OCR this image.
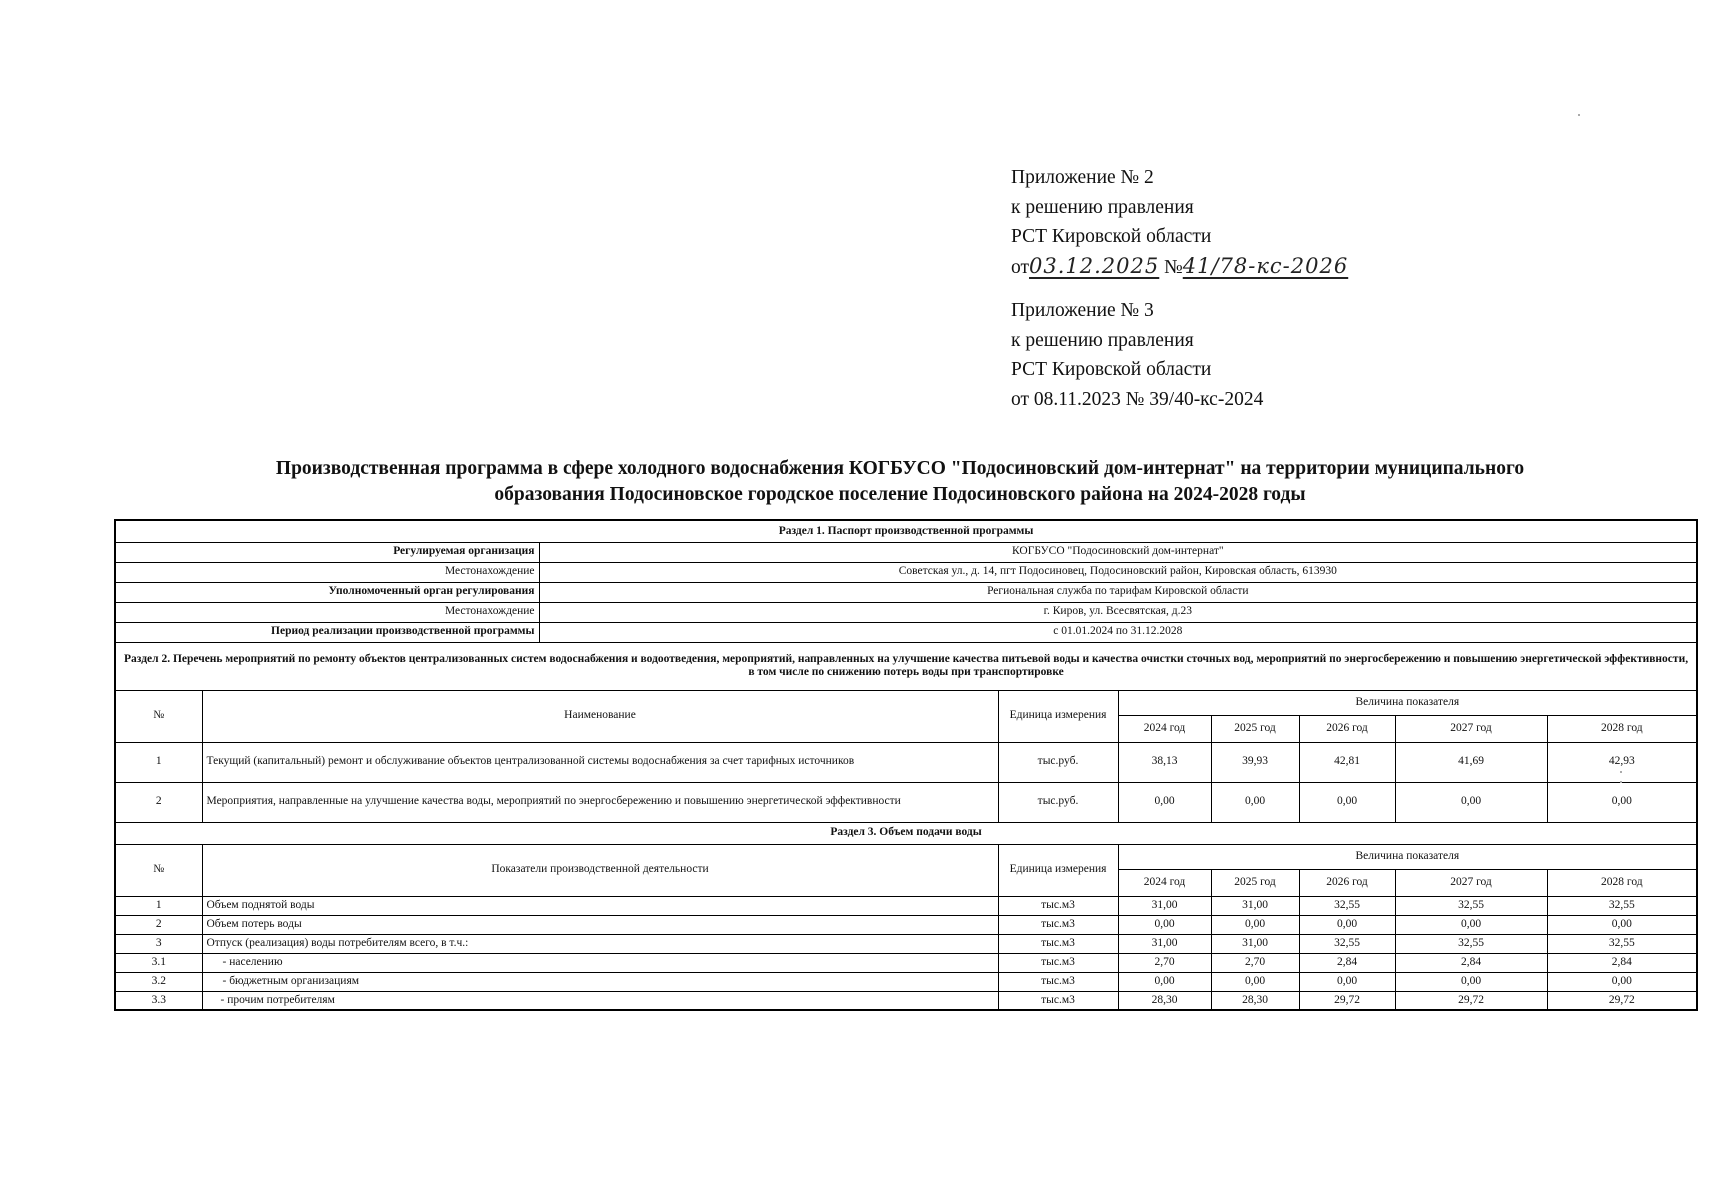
Приложение № 2
к решению правления
РСТ Кировской области
от03.12.2025 №41/78-кс-2026
Приложение № 3
к решению правления
РСТ Кировской области
от 08.11.2023 № 39/40-кс-2024
Производственная программа в сфере холодного водоснабжения КОГБУСО "Подосиновский дом-интернат" на территории муниципального
образования Подосиновское городское поселение Подосиновского района на 2024-2028 годы
Раздел 1. Паспорт производственной программы								
Регулируемая организация		КОГБУСО "Подосиновский дом-интернат"						
Местонахождение		Советская ул., д. 14, пгт Подосиновец, Подосиновский район, Кировская область, 613930						
Уполномоченный орган регулирования		Региональная служба по тарифам Кировской области						
Местонахождение		г. Киров, ул. Всесвятская, д.23						
Период реализации производственной программы		с 01.01.2024 по 31.12.2028						

Раздел 2. Перечень мероприятий по ремонту объектов централизованных систем водоснабжения и водоотведения, мероприятий, направленных на улучшение качества питьевой воды и качества очистки сточных вод, мероприятий по энергосбережению и повышению энергетической эффективности,
в том числе по снижению потерь воды при транспортировке								

№	Наименование		Единица измерения	Величина показателя				
				2024 год	2025 год	2026 год	2027 год	2028 год
1	Текущий (капитальный) ремонт и обслуживание объектов централизованной системы водоснабжения за счет тарифных источников		тыс.руб.	38,13	39,93	42,81	41,69	42,93
2	Мероприятия, направленные на улучшение качества воды, мероприятий по энергосбережению и повышению энергетической эффективности		тыс.руб.	0,00	0,00	0,00	0,00	0,00
Раздел 3. Объем подачи воды								
№	Показатели производственной деятельности		Единица измерения	Величина показателя				
				2024 год	2025 год	2026 год	2027 год	2028 год
1	Объем поднятой воды		тыс.м3	31,00	31,00	32,55	32,55	32,55
2	Объем потерь воды		тыс.м3	0,00	0,00	0,00	0,00	0,00
3	Отпуск (реализация) воды потребителям всего, в т.ч.:		тыс.м3	31,00	31,00	32,55	32,55	32,55
3.1	- населению		тыс.м3	2,70	2,70	2,84	2,84	2,84
3.2	- бюджетным организациям		тыс.м3	0,00	0,00	0,00	0,00	0,00
3.3	- прочим потребителям		тыс.м3	28,30	28,30	29,72	29,72	29,72
